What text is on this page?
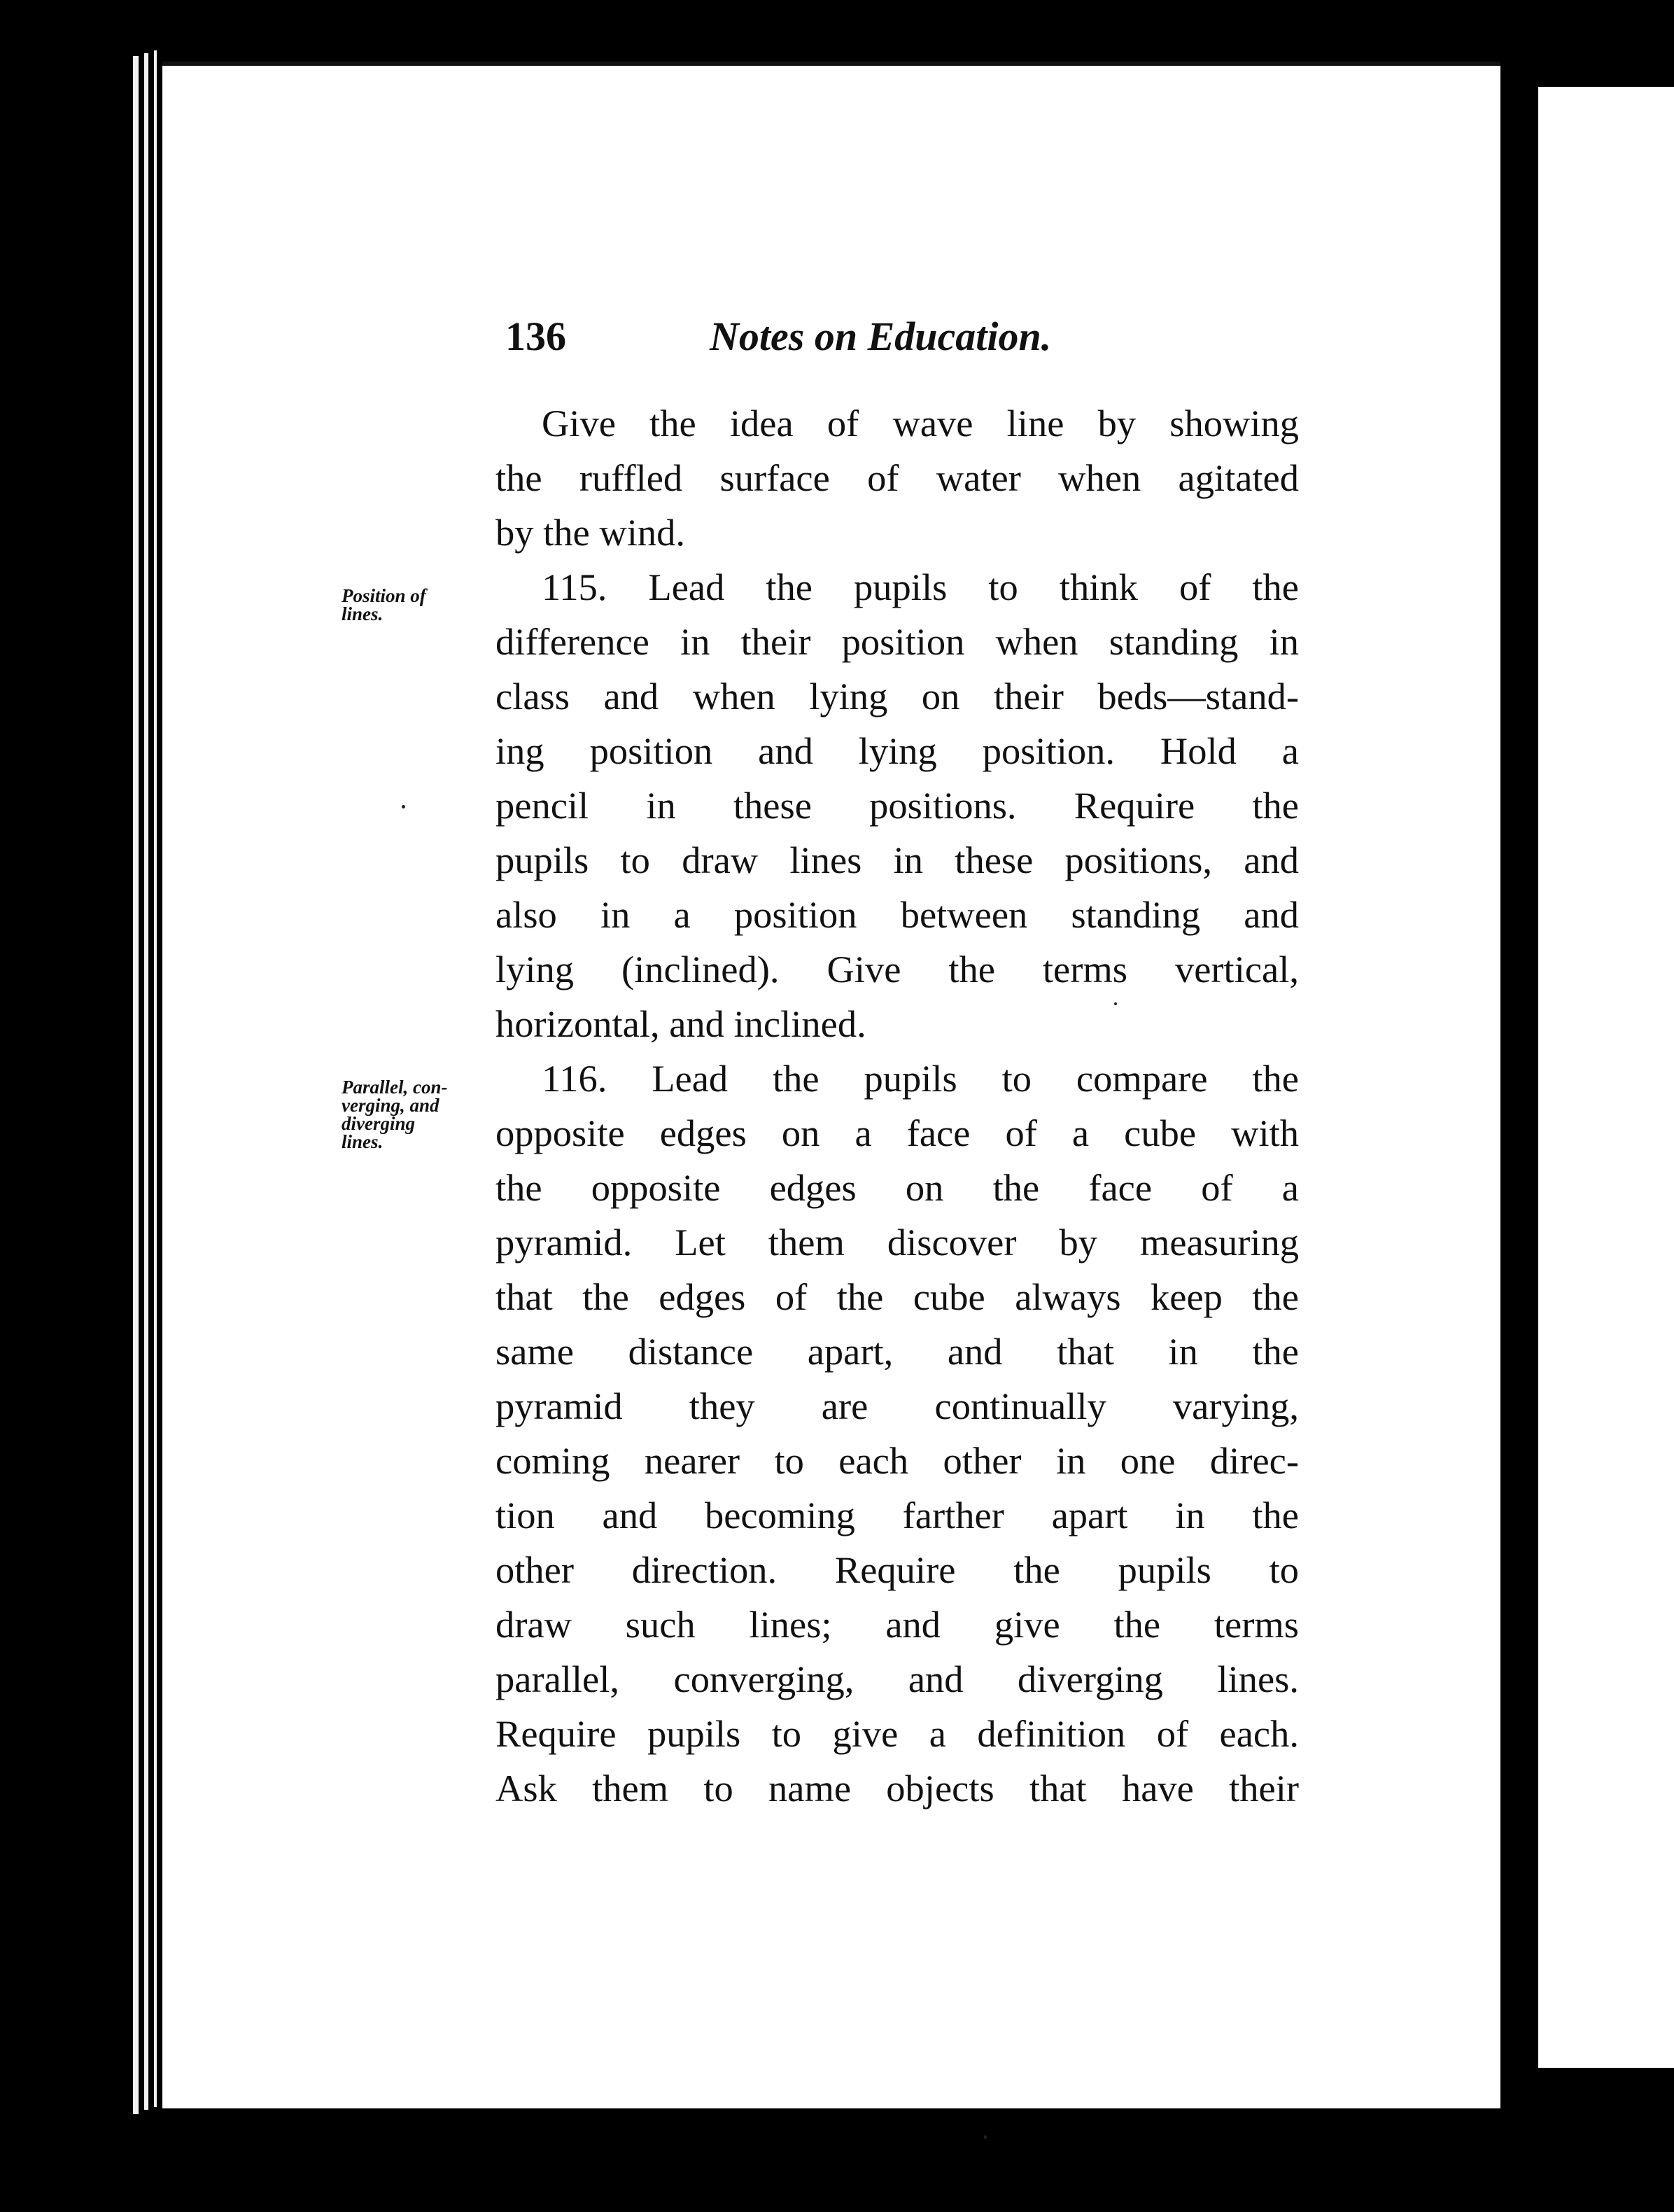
136	Notes on Education.
Position of
lines.
Parallel, con-
verging, and
diverging
lines.
Give the idea of wave line by showing
the ruffled surface of water when agitated
by the wind.
115. Lead the pupils to think of the
difference in their position when standing in
class and when lying on their beds—stand-
ing position and lying position. Hold a
pencil in these positions. Require the
pupils to draw lines in these positions, and
also in a position between standing and
lying (inclined). Give the terms vertical,
horizontal, and inclined.
116. Lead the pupils to compare the
opposite edges on a face of a cube with
the opposite edges on the face of a
pyramid. Let them discover by measuring
that the edges of the cube always keep the
same distance apart, and that in the
pyramid they are continually varying,
coming nearer to each other in one direc-
tion and becoming farther apart in the
other direction. Require the pupils to
draw such lines; and give the terms
parallel, converging, and diverging lines.
Require pupils to give a definition of each.
Ask them to name objects that have their
